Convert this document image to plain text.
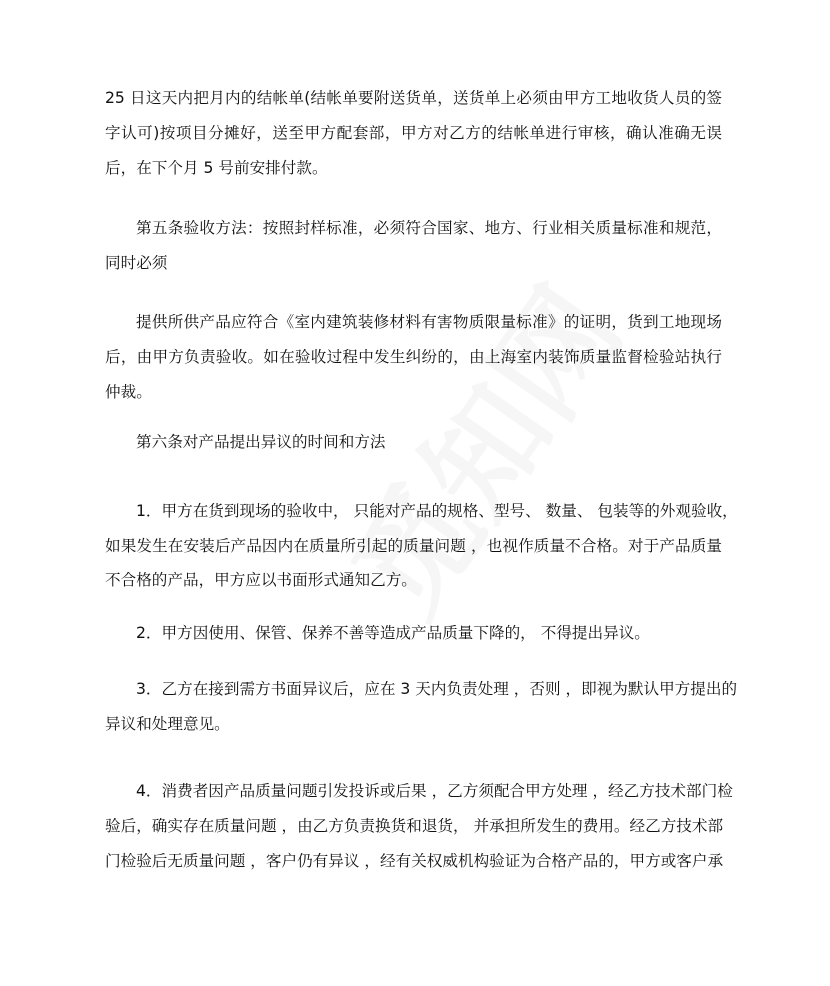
25 日这天内把月内的结帐单(结帐单要附送货单，送货单上必须由甲方工地收货人员的签
字认可)按项目分摊好，送至甲方配套部，甲方对乙方的结帐单进行审核，确认准确无误
后，在下个月 5 号前安排付款。
第五条验收方法：按照封样标准，必须符合国家、地方、行业相关质量标准和规范，
同时必须
提供所供产品应符合《室内建筑装修材料有害物质限量标准》的证明，货到工地现场
后，由甲方负责验收。如在验收过程中发生纠纷的，由上海室内装饰质量监督检验站执行
仲裁。
第六条对产品提出异议的时间和方法
1．甲方在货到现场的验收中， 只能对产品的规格、型号、 数量、 包装等的外观验收，
如果发生在安装后产品因内在质量所引起的质量问题 ，也视作质量不合格。对于产品质量
不合格的产品，甲方应以书面形式通知乙方。
2．甲方因使用、保管、保养不善等造成产品质量下降的， 不得提出异议。
3．乙方在接到需方书面异议后，应在 3 天内负责处理 ，否则 ，即视为默认甲方提出的
异议和处理意见。
4．消费者因产品质量问题引发投诉或后果 ，乙方须配合甲方处理 ，经乙方技术部门检
验后，确实存在质量问题 ，由乙方负责换货和退货， 并承担所发生的费用。经乙方技术部
门检验后无质量问题 ，客户仍有异议 ，经有关权威机构验证为合格产品的，甲方或客户承
